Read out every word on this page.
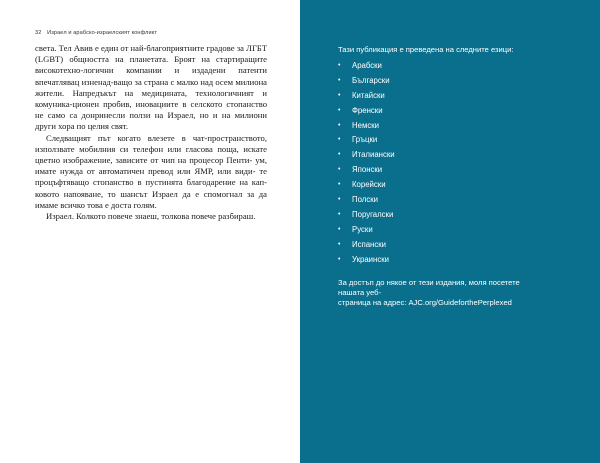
32 Израел и арабско-израелският конфликт

света. Тел Авив е един от най-благоприятните градове за ЛГБТ (LGBT) общността на планетата. Броят на стартиращите високотехно-логични компании и издадени патенти впечатлявац изненад-ващо за страна с малко над осем милиона жители. Напредъкът на медицината, технологичният и комуника-ционен пробив, иновациите в селското стопанство не само са донринесли ползи на Израел, но и на милиони други хора по целия свят.

Следващият път когато влезете в чат-пространството, използвате мобилния си телефон или гласова поща, искате цветно изображение, зависите от чип на процесор Пенти- ум, имате нужда от автоматичен превод или ЯМР, или види- те процъфтяващо стопанство в пустинята благодарение на кап-ковото напояване, то шансът Израел да е спомогнал за да имаме всичко това е доста голям.

Израел. Колкото повече знаеш, толкова повече разбираш.

Тази публикация е преведена на следните езици:
• Арабски
• Български
• Китайски
• Френски
• Немски
• Гръцки
• Италиански
• Японски
• Корейски
• Полски
• Поругалски
• Руски
• Испански
• Украински
За достъп до някое от тези издания, моля посетете
нашата уеб-
страница на адрес: AJC.org/GuideforthePerplexed
